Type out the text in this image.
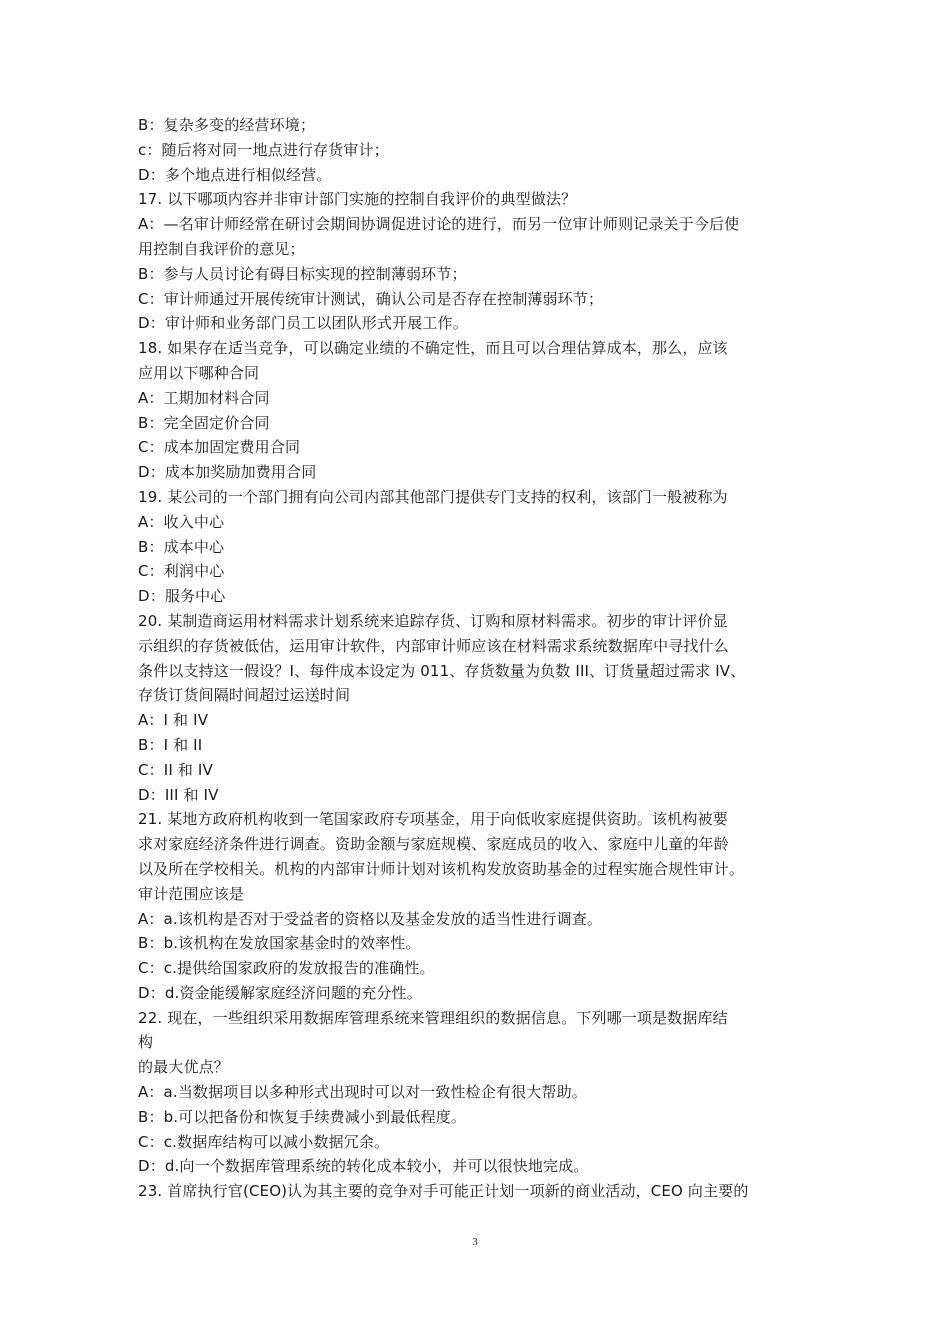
B：复杂多变的经营环境；
c：随后将对同一地点进行存货审计；
D：多个地点进行相似经营。
17. 以下哪项内容并非审计部门实施的控制自我评价的典型做法？
A：—名审计师经常在研讨会期间协调促进讨论的进行，而另一位审计师则记录关于今后使
用控制自我评价的意见；
B：参与人员讨论有碍目标实现的控制薄弱环节；
C：审计师通过开展传统审计测试，确认公司是否存在控制薄弱环节；
D：审计师和业务部门员工以团队形式开展工作。
18. 如果存在适当竞争，可以确定业绩的不确定性，而且可以合理估算成本，那么，应该
应用以下哪种合同
A：工期加材料合同
B：完全固定价合同
C：成本加固定费用合同
D：成本加奖励加费用合同
19. 某公司的一个部门拥有向公司内部其他部门提供专门支持的权利，该部门一般被称为
A：收入中心
B：成本中心
C：利润中心
D：服务中心
20. 某制造商运用材料需求计划系统来追踪存货、订购和原材料需求。初步的审计评价显
示组织的存货被低估，运用审计软件，内部审计师应该在材料需求系统数据库中寻找什么
条件以支持这一假设？I、每件成本设定为 011、存货数量为负数 III、订货量超过需求 IV、
存货订货间隔时间超过运送时间
A：I 和 IV
B：I 和 II
C：II 和 IV
D：III 和 IV
21. 某地方政府机构收到一笔国家政府专项基金，用于向低收家庭提供资助。该机构被要
求对家庭经济条件进行调查。资助金额与家庭规模、家庭成员的收入、家庭中儿童的年龄
以及所在学校相关。机构的内部审计师计划对该机构发放资助基金的过程实施合规性审计。
审计范围应该是
A：a.该机构是否对于受益者的资格以及基金发放的适当性进行调查。
B：b.该机构在发放国家基金时的效率性。
C：c.提供给国家政府的发放报告的准确性。
D：d.资金能缓解家庭经济问题的充分性。
22. 现在，一些组织采用数据库管理系统来管理组织的数据信息。下列哪一项是数据库结
构
的最大优点？
A：a.当数据项目以多种形式出现时可以对一致性检企有很大帮助。
B：b.可以把备份和恢复手续费减小到最低程度。
C：c.数据库结构可以减小数据冗余。
D：d.向一个数据库管理系统的转化成本较小，并可以很快地完成。
23. 首席执行官(CEO)认为其主要的竞争对手可能正计划一项新的商业活动，CEO 向主要的
3
